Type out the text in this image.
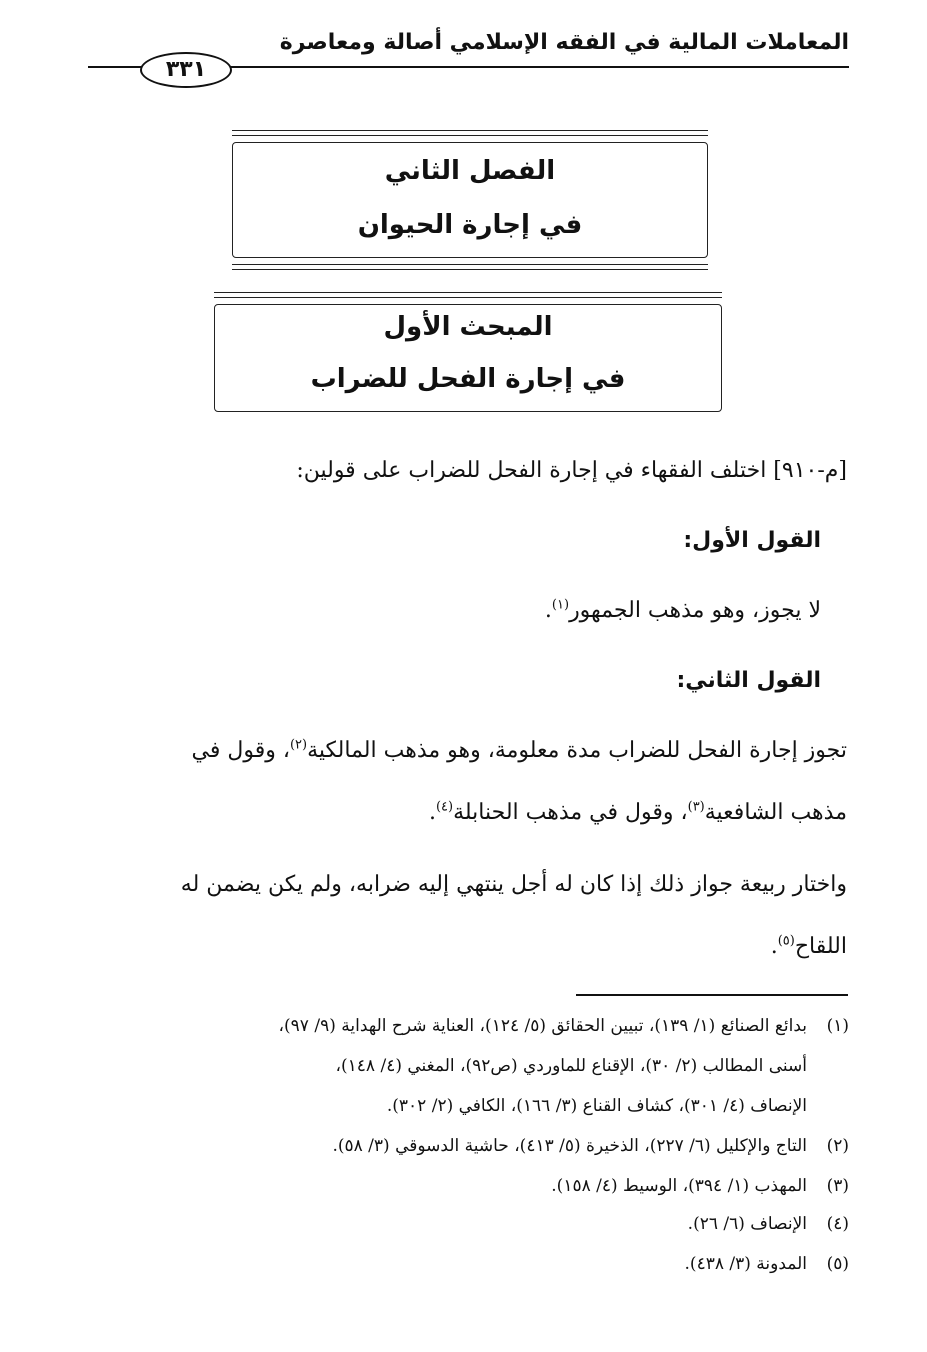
المعاملات المالية في الفقه الإسلامي أصالة ومعاصرة
٣٣١
الفصل الثاني
في إجارة الحيوان
المبحث الأول
في إجارة الفحل للضراب
[م-٩١٠] اختلف الفقهاء في إجارة الفحل للضراب على قولين:
القول الأول:
لا يجوز، وهو مذهب الجمهور$^{(١)}$.
القول الثاني:
تجوز إجارة الفحل للضراب مدة معلومة، وهو مذهب المالكية$^{(٢)}$، وقول في
مذهب الشافعية$^{(٣)}$، وقول في مذهب الحنابلة$^{(٤)}$.
واختار ربيعة جواز ذلك إذا كان له أجل ينتهي إليه ضرابه، ولم يكن يضمن له
اللقاح$^{(٥)}$.
(١)بدائع الصنائع (١/ ١٣٩)، تبيين الحقائق (٥/ ١٢٤)، العناية شرح الهداية (٩/ ٩٧)،
أسنى المطالب (٢/ ٣٠)، الإقناع للماوردي (ص٩٢)، المغني (٤/ ١٤٨)،
الإنصاف (٤/ ٣٠١)، كشاف القناع (٣/ ١٦٦)، الكافي (٢/ ٣٠٢).
(٢)التاج والإكليل (٦/ ٢٢٧)، الذخيرة (٥/ ٤١٣)، حاشية الدسوقي (٣/ ٥٨).
(٣)المهذب (١/ ٣٩٤)، الوسيط (٤/ ١٥٨).
(٤)الإنصاف (٦/ ٢٦).
(٥)المدونة (٣/ ٤٣٨).
